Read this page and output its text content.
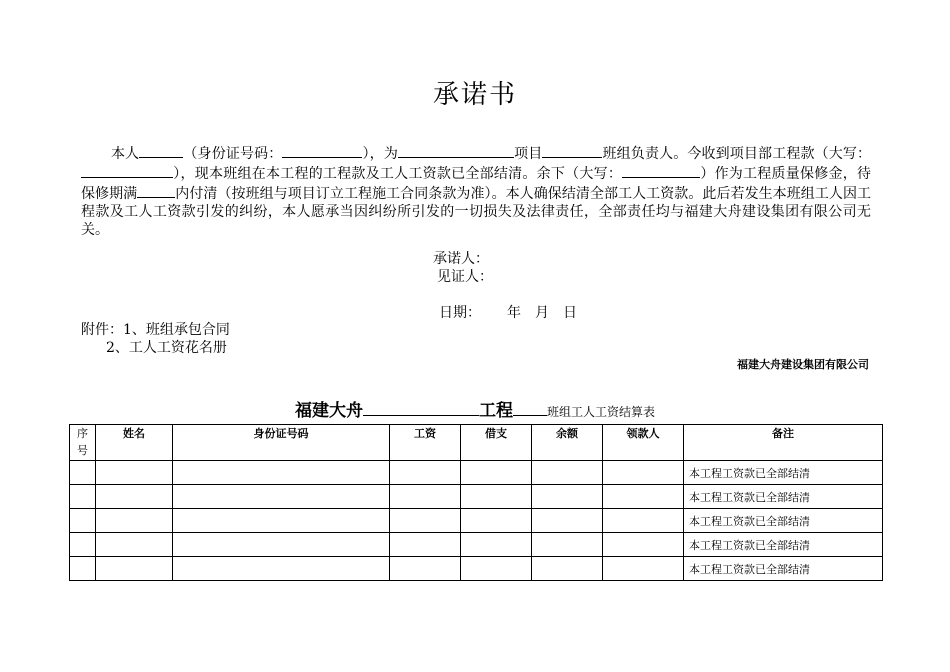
承诺书
本人	（身份证号码：	），为	项目	班组负责人。今收到项目部工程款（大写：），现本班组在本工程的工程款及工人工资款已全部结清。余下（大写：	）作为工程质量保修金，待保修期满	内付清（按班组与项目订立工程施工合同条款为准）。本人确保结清全部工人工资款。此后若发生本班组工人因工程款及工人工资款引发的纠纷，本人愿承当因纠纷所引发的一切损失及法律责任，全部责任均与福建大舟建设集团有限公司无关。
承诺人：
见证人：
日期： 年 月 日
附件：1、班组承包合同
2、工人工资花名册
福建大舟建设集团有限公司
福建大舟	工程	班组工人工资结算表
序
号	姓名	身份证号码	工资	借支	余额	领款人	备注
							本工程工资款已全部结清
							本工程工资款已全部结清
							本工程工资款已全部结清
							本工程工资款已全部结清
							本工程工资款已全部结清
